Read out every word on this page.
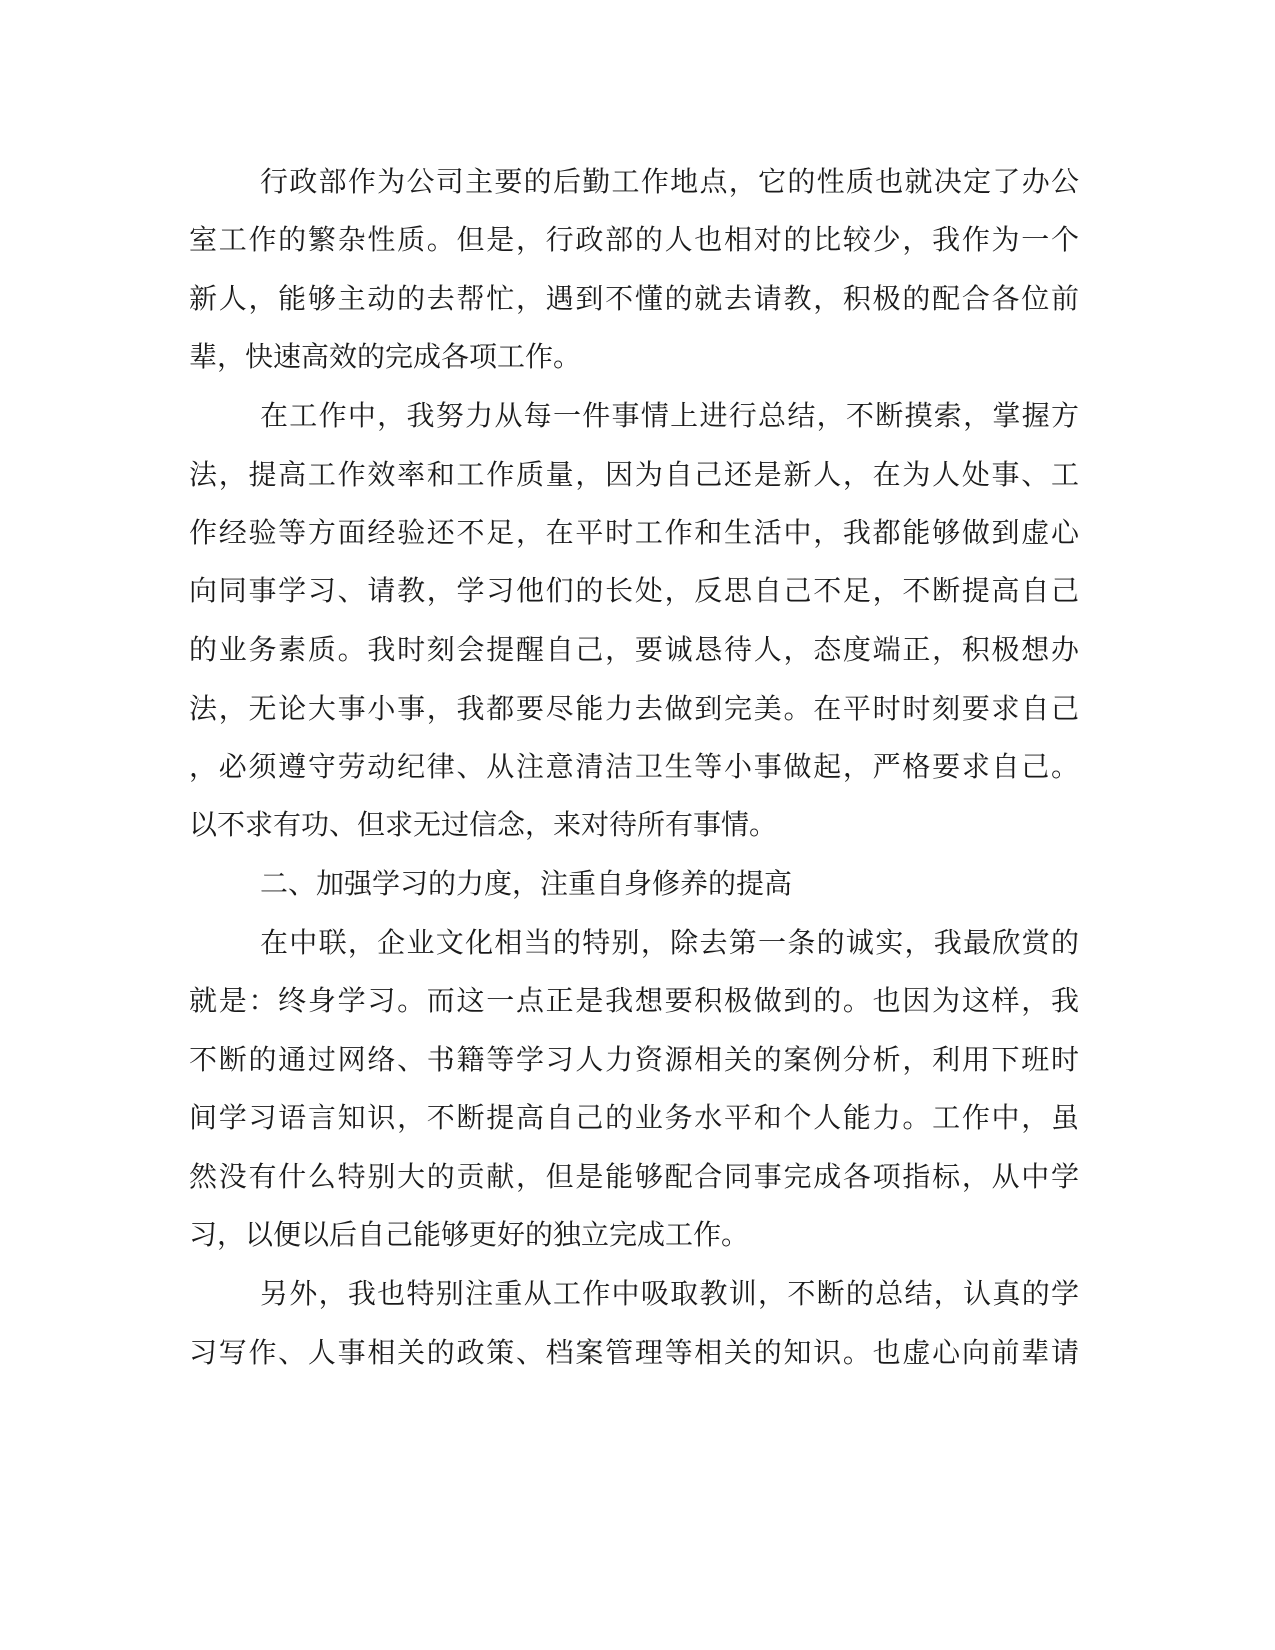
行政部作为公司主要的后勤工作地点，它的性质也就决定了办公
室工作的繁杂性质。但是，行政部的人也相对的比较少，我作为一个
新人，能够主动的去帮忙，遇到不懂的就去请教，积极的配合各位前
辈，快速高效的完成各项工作。
在工作中，我努力从每一件事情上进行总结，不断摸索，掌握方
法，提高工作效率和工作质量，因为自己还是新人，在为人处事、工
作经验等方面经验还不足，在平时工作和生活中，我都能够做到虚心
向同事学习、请教，学习他们的长处，反思自己不足，不断提高自己
的业务素质。我时刻会提醒自己，要诚恳待人，态度端正，积极想办
法，无论大事小事，我都要尽能力去做到完美。在平时时刻要求自己
，必须遵守劳动纪律、从注意清洁卫生等小事做起，严格要求自己。
以不求有功、但求无过信念，来对待所有事情。
二、加强学习的力度，注重自身修养的提高
在中联，企业文化相当的特别，除去第一条的诚实，我最欣赏的
就是：终身学习。而这一点正是我想要积极做到的。也因为这样，我
不断的通过网络、书籍等学习人力资源相关的案例分析，利用下班时
间学习语言知识，不断提高自己的业务水平和个人能力。工作中，虽
然没有什么特别大的贡献，但是能够配合同事完成各项指标，从中学
习，以便以后自己能够更好的独立完成工作。
另外，我也特别注重从工作中吸取教训，不断的总结，认真的学
习写作、人事相关的政策、档案管理等相关的知识。也虚心向前辈请
